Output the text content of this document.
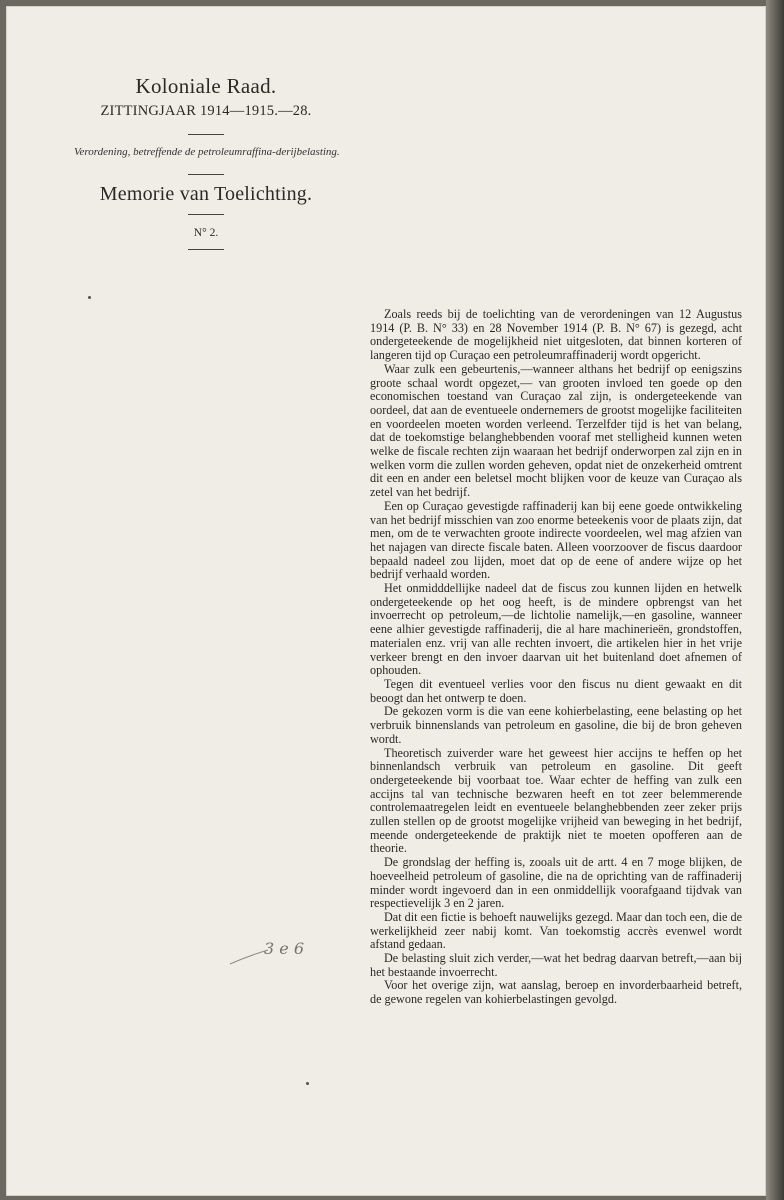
Koloniale Raad.
ZITTINGJAAR 1914—1915.—28.
Verordening, betreffende de petroleumraffina-derijbelasting.
Memorie van Toelichting.
N° 2.
3 e 6

Zoals reeds bij de toelichting van de verordeningen van 12 Augustus 1914 (P. B. N° 33) en 28 November 1914 (P. B. N° 67) is gezegd, acht ondergeteekende de mogelijkheid niet uitgesloten, dat binnen korteren of langeren tijd op Curaçao een petroleumraffinaderij wordt opgericht.

Waar zulk een gebeurtenis,—wanneer althans het bedrijf op eenigszins groote schaal wordt opgezet,— van grooten invloed ten goede op den economischen toestand van Curaçao zal zijn, is ondergeteekende van oordeel, dat aan de eventueele ondernemers de grootst mogelijke faciliteiten en voordeelen moeten worden verleend. Terzelfder tijd is het van belang, dat de toekomstige belanghebbenden vooraf met stelligheid kunnen weten welke de fiscale rechten zijn waaraan het bedrijf onderworpen zal zijn en in welken vorm die zullen worden geheven, opdat niet de onzekerheid omtrent dit een en ander een beletsel mocht blijken voor de keuze van Curaçao als zetel van het bedrijf.

Een op Curaçao gevestigde raffinaderij kan bij eene goede ontwikkeling van het bedrijf misschien van zoo enorme beteekenis voor de plaats zijn, dat men, om de te verwachten groote indirecte voordeelen, wel mag afzien van het najagen van directe fiscale baten. Alleen voorzoover de fiscus daardoor bepaald nadeel zou lijden, moet dat op de eene of andere wijze op het bedrijf verhaald worden.

Het onmidddellijke nadeel dat de fiscus zou kunnen lijden en hetwelk ondergeteekende op het oog heeft, is de mindere opbrengst van het invoerrecht op petroleum,—de lichtolie namelijk,—en gasoline, wanneer eene alhier gevestigde raffinaderij, die al hare machinerieën, grondstoffen, materialen enz. vrij van alle rechten invoert, die artikelen hier in het vrije verkeer brengt en den invoer daarvan uit het buitenland doet afnemen of ophouden.

Tegen dit eventueel verlies voor den fiscus nu dient gewaakt en dit beoogt dan het ontwerp te doen.

De gekozen vorm is die van eene kohierbelasting, eene belasting op het verbruik binnenslands van petroleum en gasoline, die bij de bron geheven wordt.

Theoretisch zuiverder ware het geweest hier accijns te heffen op het binnenlandsch verbruik van petroleum en gasoline. Dit geeft ondergeteekende bij voorbaat toe. Waar echter de heffing van zulk een accijns tal van technische bezwaren heeft en tot zeer belemmerende controlemaatregelen leidt en eventueele belanghebbenden zeer zeker prijs zullen stellen op de grootst mogelijke vrijheid van beweging in het bedrijf, meende ondergeteekende de praktijk niet te moeten opofferen aan de theorie.

De grondslag der heffing is, zooals uit de artt. 4 en 7 moge blijken, de hoeveelheid petroleum of gasoline, die na de oprichting van de raffinaderij minder wordt ingevoerd dan in een onmiddellijk voorafgaand tijdvak van respectievelijk 3 en 2 jaren.

Dat dit een fictie is behoeft nauwelijks gezegd. Maar dan toch een, die de werkelijkheid zeer nabij komt. Van toekomstig accrès evenwel wordt afstand gedaan.

De belasting sluit zich verder,—wat het bedrag daarvan betreft,—aan bij het bestaande invoerrecht.

Voor het overige zijn, wat aanslag, beroep en invorderbaarheid betreft, de gewone regelen van kohierbelastingen gevolgd.
